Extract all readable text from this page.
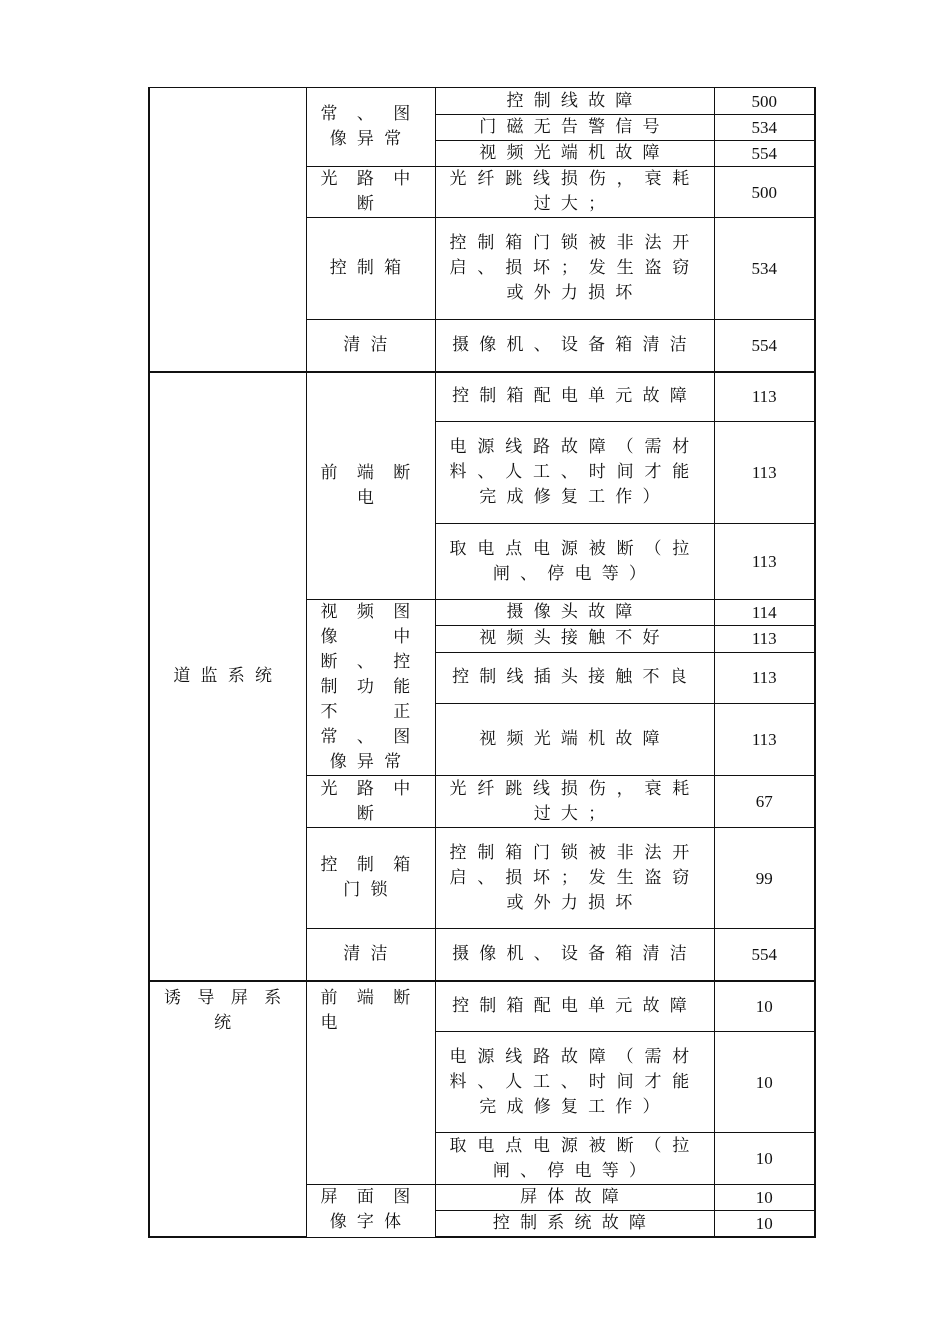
	常、图像异常	控制线故障	500
		门磁无告警信号	534
		视频光端机故障	554
	光路中断	光纤跳线损伤，衰耗过大；	500
	控制箱	控制箱门锁被非法开启、损坏；发生盗窃或外力损坏	534
	清洁	摄像机、设备箱清洁	554
道监系统	前端断电	控制箱配电单元故障	113
		电源线路故障（需材料、人工、时间才能完成修复工作）	113
		取电点电源被断（拉闸、停电等）	113
	视频图像中断、控制功能不正常、图像异常	摄像头故障	114
		视频头接触不好	113
		控制线插头接触不良	113
		视频光端机故障	113
	光路中断	光纤跳线损伤，衰耗过大；	67
	控制箱门锁	控制箱门锁被非法开启、损坏；发生盗窃或外力损坏	99
	清洁	摄像机、设备箱清洁	554
诱导屏系统	前端断电	控制箱配电单元故障	10
		电源线路故障（需材料、人工、时间才能完成修复工作）	10
		取电点电源被断（拉闸、停电等）	10
	屏面图像字体	屏体故障	10
		控制系统故障	10
